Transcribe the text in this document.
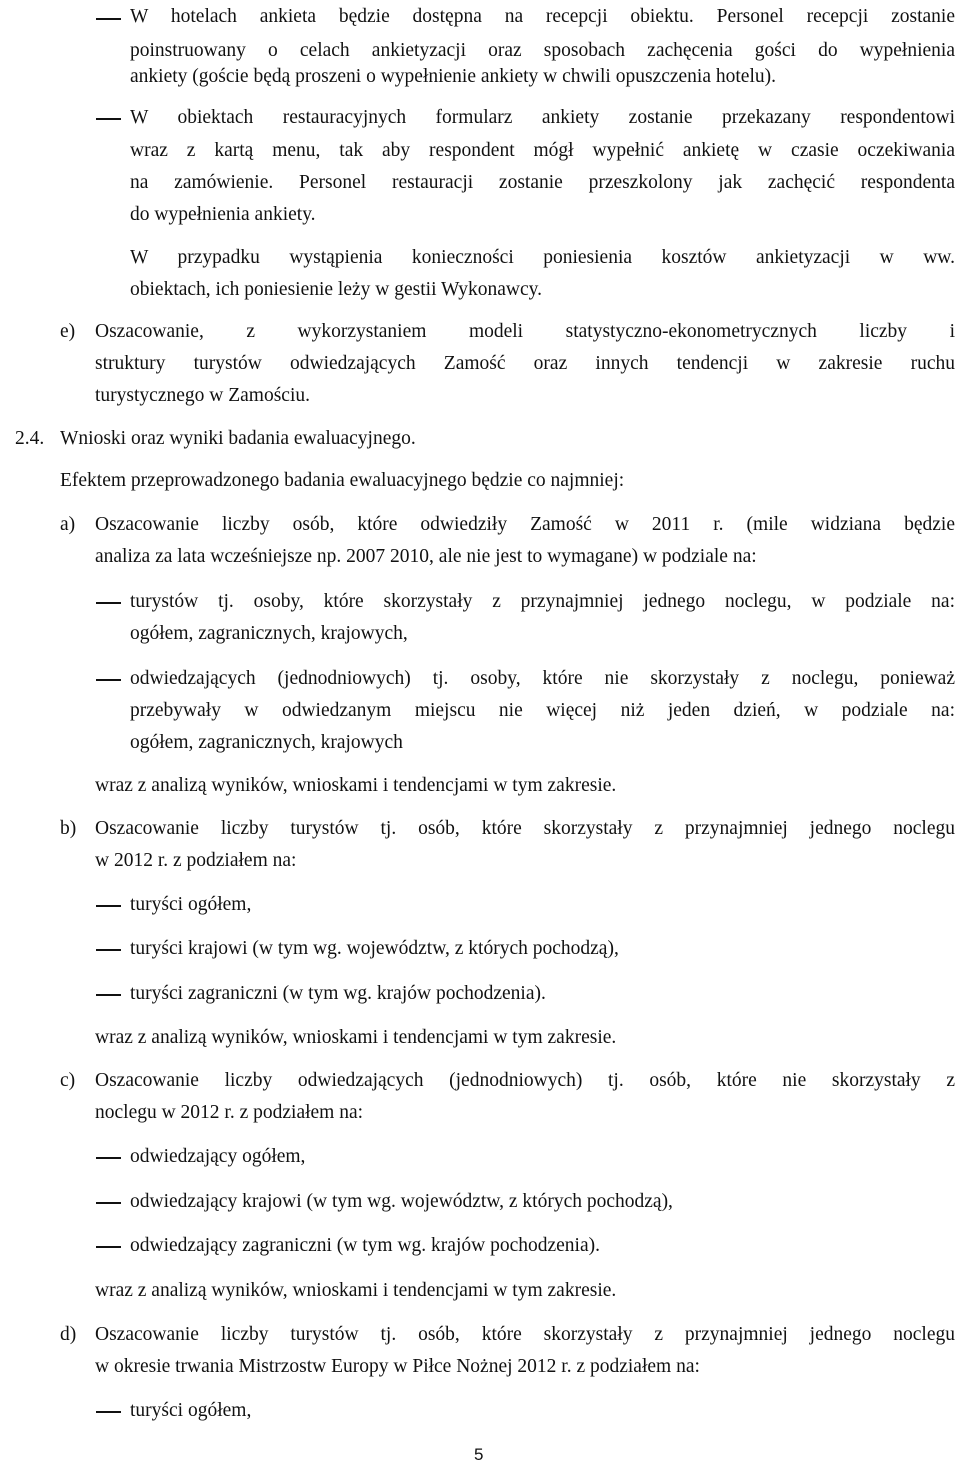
W hotelach ankieta będzie dostępna na recepcji obiektu. Personel recepcji zostanie
poinstruowany o celach ankietyzacji oraz sposobach zachęcenia gości do wypełnienia
ankiety (goście będą proszeni o wypełnienie ankiety w chwili opuszczenia hotelu).
W obiektach restauracyjnych formularz ankiety zostanie przekazany respondentowi
wraz z kartą menu, tak aby respondent mógł wypełnić ankietę w czasie oczekiwania
na zamówienie. Personel restauracji zostanie przeszkolony jak zachęcić respondenta
do wypełnienia ankiety.
W przypadku wystąpienia konieczności poniesienia kosztów ankietyzacji w ww.
obiektach, ich poniesienie leży w gestii Wykonawcy.
e) Oszacowanie, z wykorzystaniem modeli statystyczno-ekonometrycznych liczby i
struktury turystów odwiedzających Zamość oraz innych tendencji w zakresie ruchu
turystycznego w Zamościu.
2.4. Wnioski oraz wyniki badania ewaluacyjnego.
Efektem przeprowadzonego badania ewaluacyjnego będzie co najmniej:
a) Oszacowanie liczby osób, które odwiedziły Zamość w 2011 r. (mile widziana będzie
analiza za lata wcześniejsze np. 2007 2010, ale nie jest to wymagane) w podziale na:
turystów tj. osoby, które skorzystały z przynajmniej jednego noclegu, w podziale na:
ogółem, zagranicznych, krajowych,
odwiedzających (jednodniowych) tj. osoby, które nie skorzystały z noclegu, ponieważ
przebywały w odwiedzanym miejscu nie więcej niż jeden dzień, w podziale na:
ogółem, zagranicznych, krajowych
wraz z analizą wyników, wnioskami i tendencjami w tym zakresie.
b) Oszacowanie liczby turystów tj. osób, które skorzystały z przynajmniej jednego noclegu
w 2012 r. z podziałem na:
turyści ogółem,
turyści krajowi (w tym wg. województw, z których pochodzą),
turyści zagraniczni (w tym wg. krajów pochodzenia).
wraz z analizą wyników, wnioskami i tendencjami w tym zakresie.
c) Oszacowanie liczby odwiedzających (jednodniowych) tj. osób, które nie skorzystały z
noclegu w 2012 r. z podziałem na:
odwiedzający ogółem,
odwiedzający krajowi (w tym wg. województw, z których pochodzą),
odwiedzający zagraniczni (w tym wg. krajów pochodzenia).
wraz z analizą wyników, wnioskami i tendencjami w tym zakresie.
d) Oszacowanie liczby turystów tj. osób, które skorzystały z przynajmniej jednego noclegu
w okresie trwania Mistrzostw Europy w Piłce Nożnej 2012 r. z podziałem na:
turyści ogółem,
5
